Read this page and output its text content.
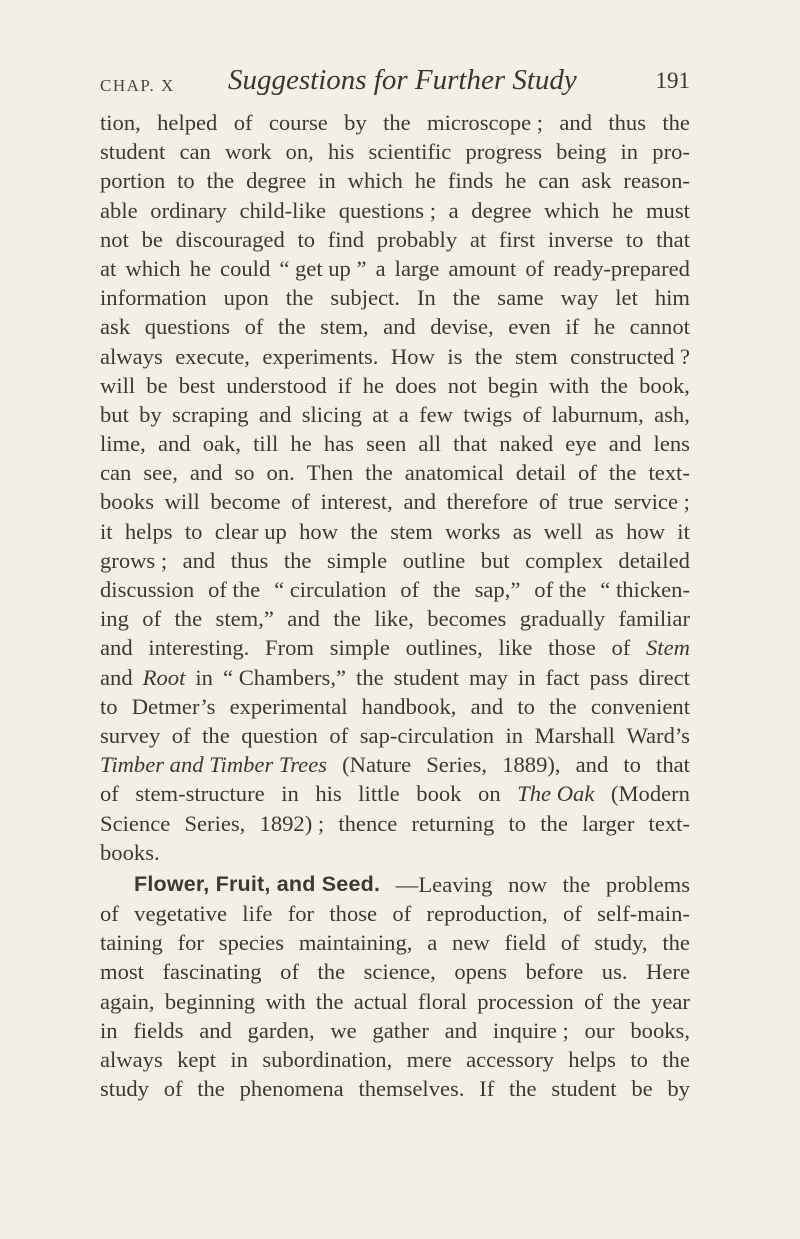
CHAP. X Suggestions for Further Study	191
tion, helped of course by the microscope ; and thus the
student can work on, his scientific progress being in pro-
portion to the degree in which he finds he can ask reason-
able ordinary child-like questions ; a degree which he must
not be discouraged to find probably at first inverse to that
at which he could “ get up ” a large amount of ready-prepared
information upon the subject. In the same way let him
ask questions of the stem, and devise, even if he cannot
always execute, experiments. How is the stem constructed ?
will be best understood if he does not begin with the book,
but by scraping and slicing at a few twigs of laburnum, ash,
lime, and oak, till he has seen all that naked eye and lens
can see, and so on. Then the anatomical detail of the text-
books will become of interest, and therefore of true service ;
it helps to clear up how the stem works as well as how it
grows ; and thus the simple outline but complex detailed
discussion of the “ circulation of the sap,” of the “ thicken-
ing of the stem,” and the like, becomes gradually familiar
and interesting. From simple outlines, like those of Stem
and Root in “ Chambers,” the student may in fact pass direct
to Detmer’s experimental handbook, and to the convenient
survey of the question of sap-circulation in Marshall Ward’s
Timber and Timber Trees (Nature Series, 1889), and to that
of stem-structure in his little book on The Oak (Modern
Science Series, 1892) ; thence returning to the larger text-
books.
Flower, Fruit, and Seed. —Leaving now the problems
of vegetative life for those of reproduction, of self-main-
taining for species maintaining, a new field of study, the
most fascinating of the science, opens before us. Here
again, beginning with the actual floral procession of the year
in fields and garden, we gather and inquire ; our books,
always kept in subordination, mere accessory helps to the
study of the phenomena themselves. If the student be by
